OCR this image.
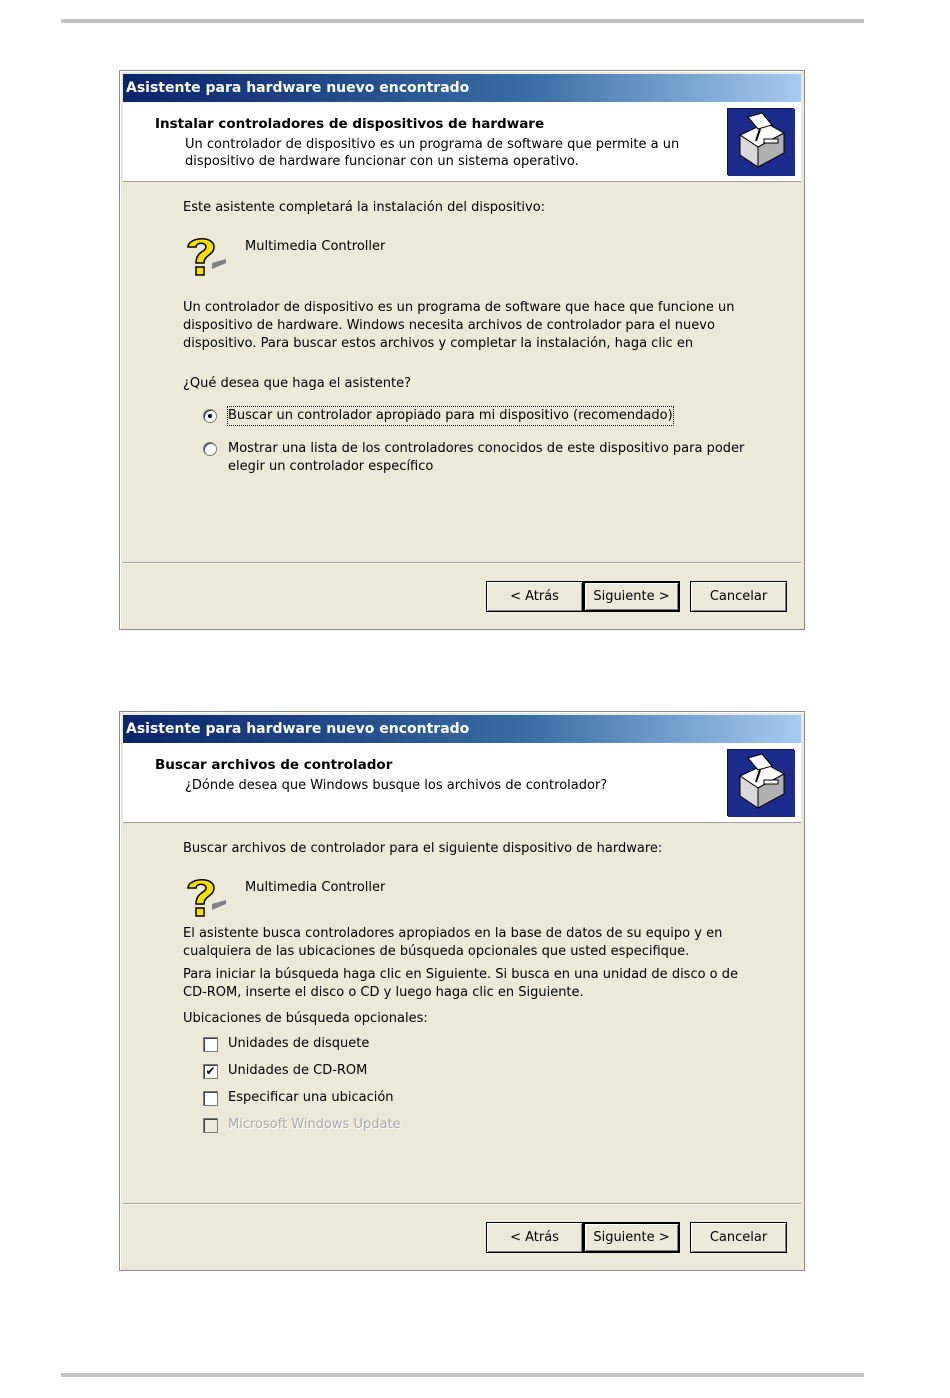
Asistente para hardware nuevo encontrado
Instalar controladores de dispositivos de hardware
Un controlador de dispositivo es un programa de software que permite a un dispositivo de hardware funcionar con un sistema operativo.
Este asistente completará la instalación del dispositivo:
Multimedia Controller
Un controlador de dispositivo es un programa de software que hace que funcione un dispositivo de hardware. Windows necesita archivos de controlador para el nuevo dispositivo. Para buscar estos archivos y completar la instalación, haga clic en
¿Qué desea que haga el asistente?
Buscar un controlador apropiado para mi dispositivo (recomendado)
Mostrar una lista de los controladores conocidos de este dispositivo para poder elegir un controlador específico
< Atrás	Siguiente >	Cancelar
Asistente para hardware nuevo encontrado
Buscar archivos de controlador
¿Dónde desea que Windows busque los archivos de controlador?
Buscar archivos de controlador para el siguiente dispositivo de hardware:
Multimedia Controller
El asistente busca controladores apropiados en la base de datos de su equipo y en cualquiera de las ubicaciones de búsqueda opcionales que usted especifique.
Para iniciar la búsqueda haga clic en Siguiente. Si busca en una unidad de disco o de CD-ROM, inserte el disco o CD y luego haga clic en Siguiente.
Ubicaciones de búsqueda opcionales:
Unidades de disquete
✔ Unidades de CD-ROM
Especificar una ubicación
Microsoft Windows Update
< Atrás	Siguiente >	Cancelar
